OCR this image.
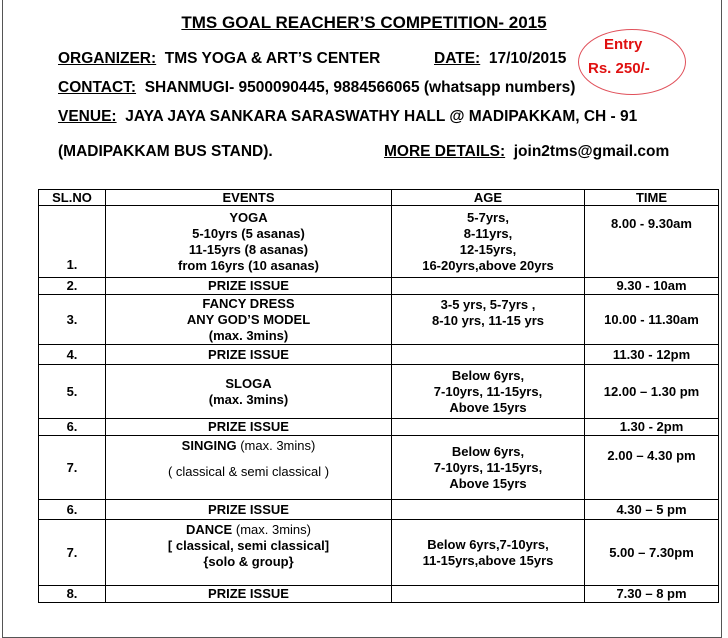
TMS GOAL REACHER’S COMPETITION- 2015
ORGANIZER: TMS YOGA & ART’S CENTER	DATE: 17/10/2015
Entry
Rs. 250/-
CONTACT: SHANMUGI- 9500090445, 9884566065 (whatsapp numbers)
VENUE: JAYA JAYA SANKARA SARASWATHY HALL @ MADIPAKKAM, CH - 91
(MADIPAKKAM BUS STAND).	MORE DETAILS: join2tms@gmail.com
SL.NO	EVENTS	AGE	TIME
1.	YOGA
5-10yrs (5 asanas)
11-15yrs (8 asanas)
from 16yrs (10 asanas)	5-7yrs,
8-11yrs,
12-15yrs,
16-20yrs,above 20yrs	8.00 - 9.30am
2.	PRIZE ISSUE		9.30 - 10am
3.	FANCY DRESS
ANY GOD’S MODEL
(max. 3mins)	3-5 yrs, 5-7yrs ,
8-10 yrs, 11-15 yrs	10.00 - 11.30am
4.	PRIZE ISSUE		11.30 - 12pm
5.	SLOGA
(max. 3mins)	Below 6yrs,
7-10yrs, 11-15yrs,
Above 15yrs	12.00 – 1.30 pm
6.	PRIZE ISSUE		1.30 - 2pm
7.	SINGING (max. 3mins)
( classical & semi classical )	Below 6yrs,
7-10yrs, 11-15yrs,
Above 15yrs	2.00 – 4.30 pm
6.	PRIZE ISSUE		4.30 – 5 pm
7.	DANCE (max. 3mins)

[ classical, semi classical]
{solo & group}	Below 6yrs,7-10yrs,
11-15yrs,above 15yrs	5.00 – 7.30pm
8.	PRIZE ISSUE		7.30 – 8 pm
